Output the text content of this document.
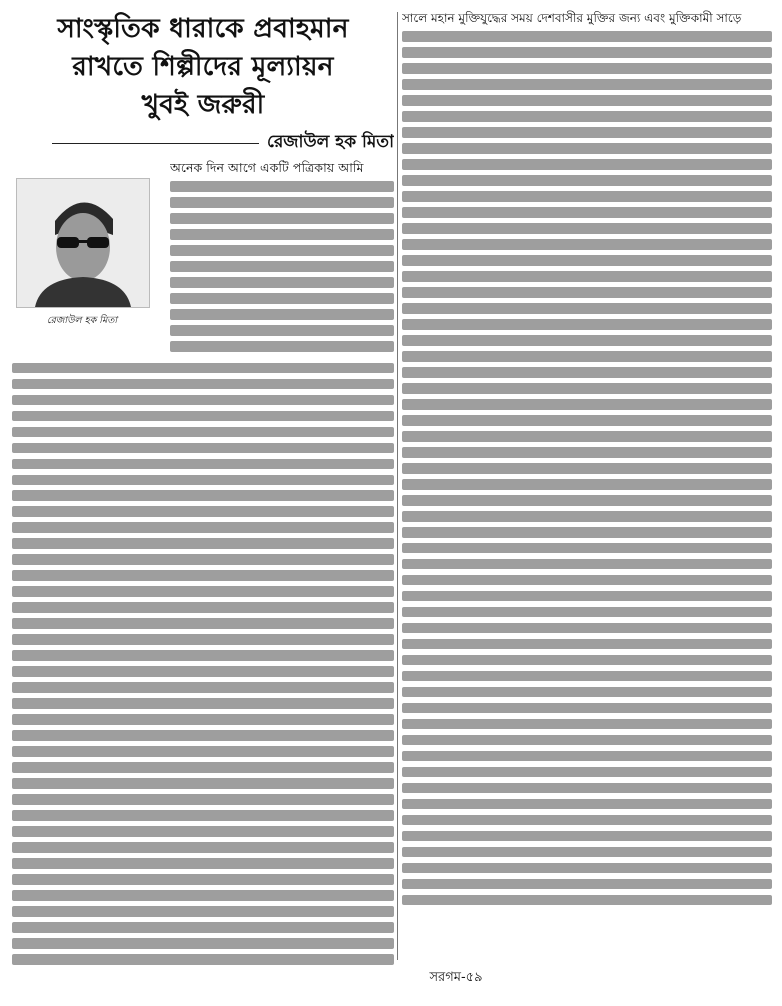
সাংস্কৃতিক ধারাকে প্রবাহমান
রাখতে শিল্পীদের মূল্যায়ন
খুবই জরুরী
রেজাউল হক মিতা
রেজাউল হক মিতা
অনেক দিন আগে একটি পত্রিকায় আমি
সালে মহান মুক্তিযুদ্ধের সময় দেশবাসীর মুক্তির জন্য এবং মুক্তিকামী সাড়ে
সরগম-৫৯
